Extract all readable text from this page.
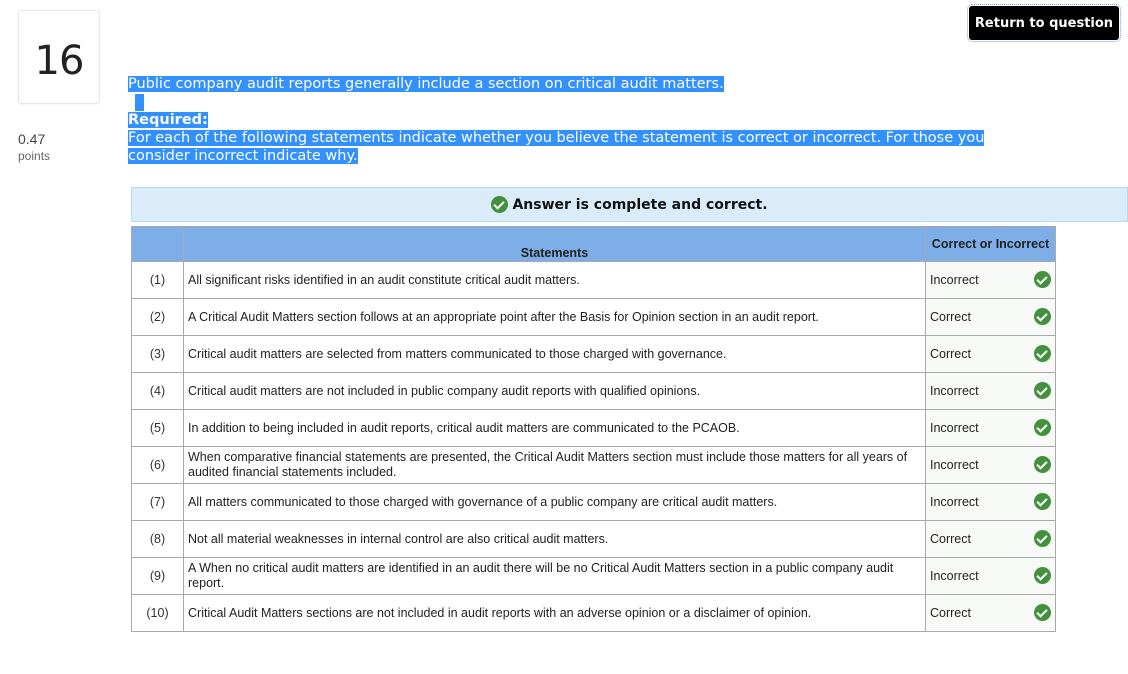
16
0.47
points
Return to question
Public company audit reports generally include a section on critical audit matters.
Required:
For each of the following statements indicate whether you believe the statement is correct or incorrect. For those you consider incorrect indicate why.
Answer is complete and correct.
	Statements	Correct or Incorrect
(1)	All significant risks identified in an audit constitute critical audit matters.	Incorrect

(2)	A Critical Audit Matters section follows at an appropriate point after the Basis for Opinion section in an audit report.	Correct

(3)	Critical audit matters are selected from matters communicated to those charged with governance.	Correct

(4)	Critical audit matters are not included in public company audit reports with qualified opinions.	Incorrect

(5)	In addition to being included in audit reports, critical audit matters are communicated to the PCAOB.	Incorrect

(6)	When comparative financial statements are presented, the Critical Audit Matters section must include those matters for all years of audited financial statements included.	Incorrect

(7)	All matters communicated to those charged with governance of a public company are critical audit matters.	Incorrect

(8)	Not all material weaknesses in internal control are also critical audit matters.	Correct

(9)	A When no critical audit matters are identified in an audit there will be no Critical Audit Matters section in a public company audit report.	Incorrect

(10)	Critical Audit Matters sections are not included in audit reports with an adverse opinion or a disclaimer of opinion.	Correct
